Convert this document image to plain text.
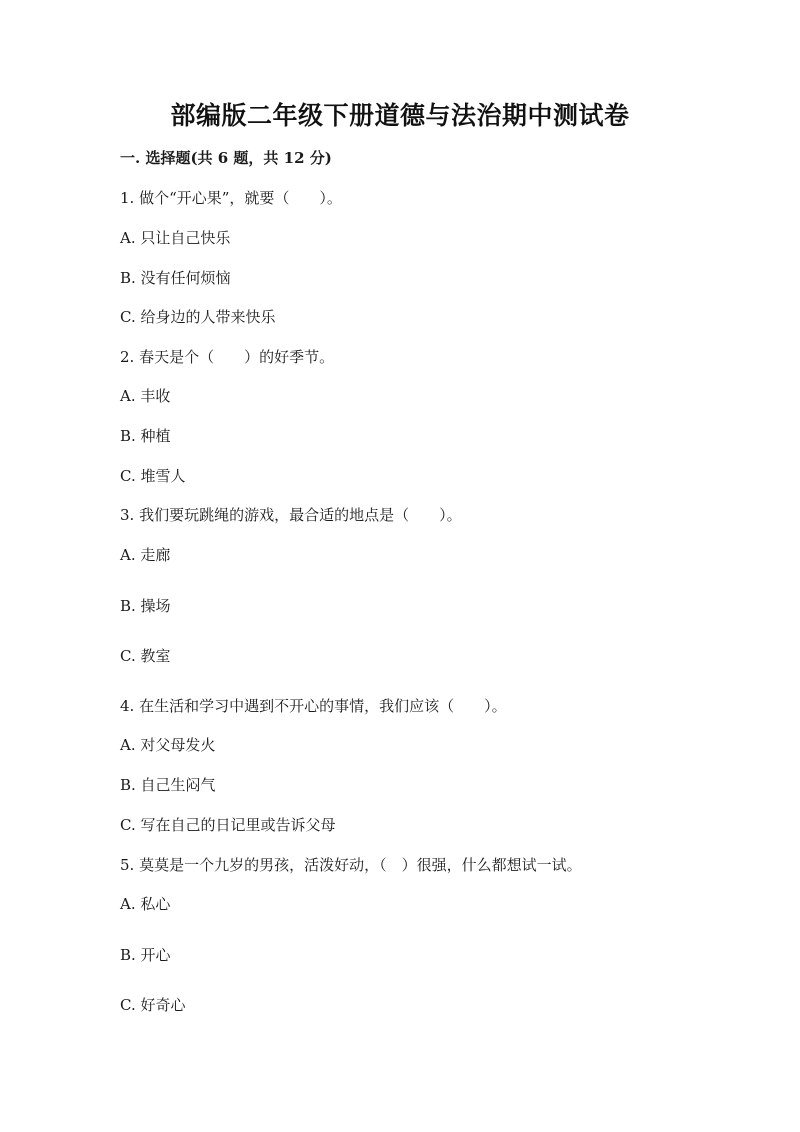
部编版二年级下册道德与法治期中测试卷
一. 选择题(共 6 题，共 12 分)
1. 做个“开心果”，就要（　　）。
A. 只让自己快乐
B. 没有任何烦恼
C. 给身边的人带来快乐
2. 春天是个（　　）的好季节。
A. 丰收
B. 种植
C. 堆雪人
3. 我们要玩跳绳的游戏，最合适的地点是（　　）。
A. 走廊
B. 操场
C. 教室
4. 在生活和学习中遇到不开心的事情，我们应该（　　）。
A. 对父母发火
B. 自己生闷气
C. 写在自己的日记里或告诉父母
5. 莫莫是一个九岁的男孩，活泼好动，（　）很强，什么都想试一试。
A. 私心
B. 开心
C. 好奇心
